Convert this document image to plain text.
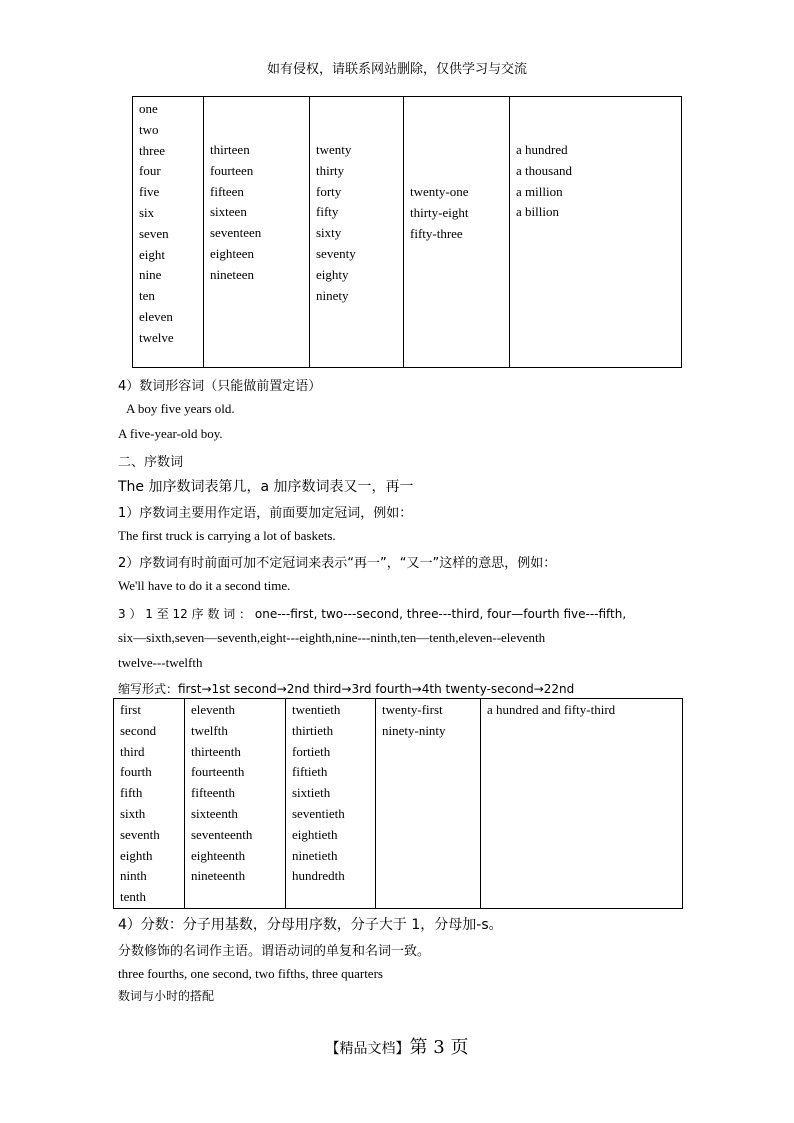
如有侵权，请联系网站删除，仅供学习与交流
one
two
three
four
five
six
seven
eight
nine
ten
eleven
twelve

thirteen
fourteen
fifteen
sixteen
seventeen
eighteen
nineteen

twenty
thirty
forty
fifty
sixty
seventy
eighty
ninety

twenty-one
thirty-eight
fifty-three

a hundred
a thousand
a million
a billion
4）数词形容词（只能做前置定语）
A boy five years old.
A five-year-old boy.
二、序数词
The 加序数词表第几，a 加序数词表又一，再一
1）序数词主要用作定语，前面要加定冠词，例如：
The first truck is carrying a lot of baskets.
2）序数词有时前面可加不定冠词来表示“再一”，“又一”这样的意思，例如：
We'll have to do it a second time.
3 ） 1 至 12 序 数 词 ： one---first, two---second, three---third, four—fourth five---fifth,
six—sixth,seven—seventh,eight---eighth,nine---ninth,ten—tenth,eleven--eleventh
twelve---twelfth
缩写形式：first→1st second→2nd third→3rd fourth→4th twenty-second→22nd
first
second
third
fourth
fifth
sixth
seventh
eighth
ninth
tenth

eleventh
twelfth
thirteenth
fourteenth
fifteenth
sixteenth
seventeenth
eighteenth
nineteenth

twentieth
thirtieth
fortieth
fiftieth
sixtieth
seventieth
eightieth
ninetieth
hundredth

twenty-first
ninety-ninty

a hundred and fifty-third
4）分数：分子用基数，分母用序数，分子大于 1，分母加-s。
分数修饰的名词作主语。谓语动词的单复和名词一致。
three fourths, one second, two fifths, three quarters
数词与小时的搭配
【精品文档】第 3 页
